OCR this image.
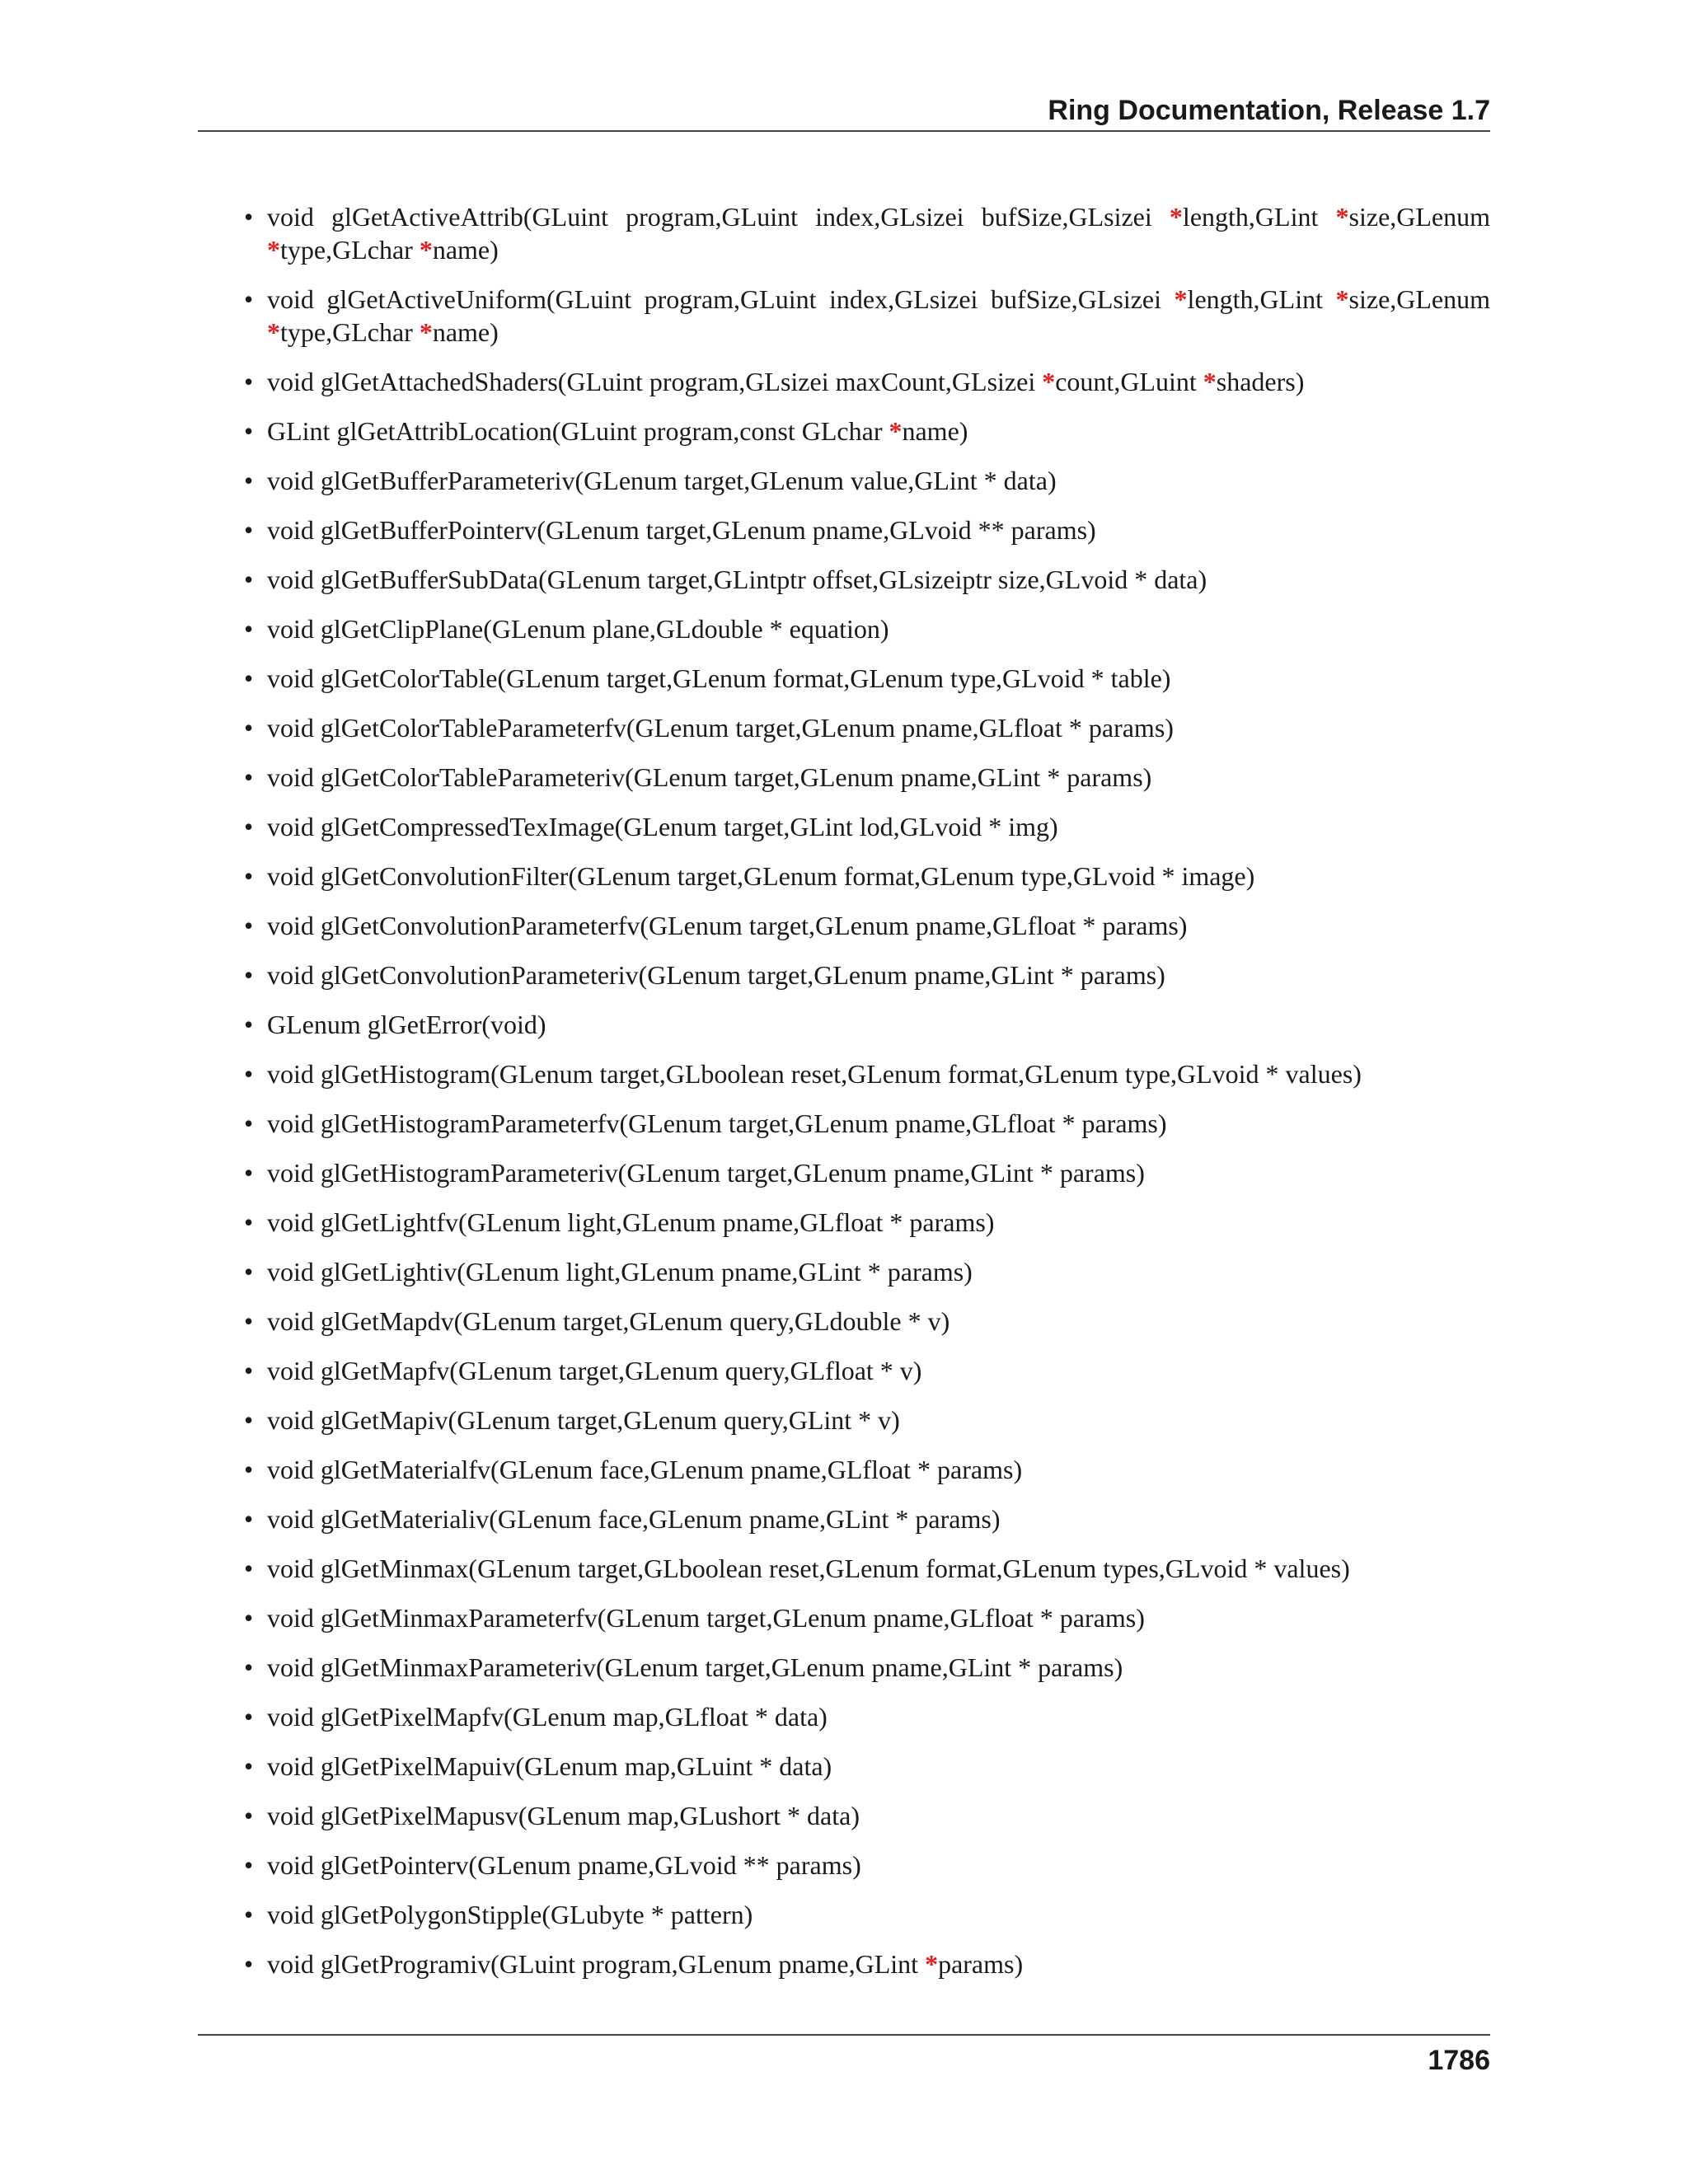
Ring Documentation, Release 1.7
• void glGetActiveAttrib(GLuint program,GLuint index,GLsizei bufSize,GLsizei *length,GLint *size,GLenum *type,GLchar *name)
• void glGetActiveUniform(GLuint program,GLuint index,GLsizei bufSize,GLsizei *length,GLint *size,GLenum *type,GLchar *name)
• void glGetAttachedShaders(GLuint program,GLsizei maxCount,GLsizei *count,GLuint *shaders)
• GLint glGetAttribLocation(GLuint program,const GLchar *name)
• void glGetBufferParameteriv(GLenum target,GLenum value,GLint * data)
• void glGetBufferPointerv(GLenum target,GLenum pname,GLvoid ** params)
• void glGetBufferSubData(GLenum target,GLintptr offset,GLsizeiptr size,GLvoid * data)
• void glGetClipPlane(GLenum plane,GLdouble * equation)
• void glGetColorTable(GLenum target,GLenum format,GLenum type,GLvoid * table)
• void glGetColorTableParameterfv(GLenum target,GLenum pname,GLfloat * params)
• void glGetColorTableParameteriv(GLenum target,GLenum pname,GLint * params)
• void glGetCompressedTexImage(GLenum target,GLint lod,GLvoid * img)
• void glGetConvolutionFilter(GLenum target,GLenum format,GLenum type,GLvoid * image)
• void glGetConvolutionParameterfv(GLenum target,GLenum pname,GLfloat * params)
• void glGetConvolutionParameteriv(GLenum target,GLenum pname,GLint * params)
• GLenum glGetError(void)
• void glGetHistogram(GLenum target,GLboolean reset,GLenum format,GLenum type,GLvoid * values)
• void glGetHistogramParameterfv(GLenum target,GLenum pname,GLfloat * params)
• void glGetHistogramParameteriv(GLenum target,GLenum pname,GLint * params)
• void glGetLightfv(GLenum light,GLenum pname,GLfloat * params)
• void glGetLightiv(GLenum light,GLenum pname,GLint * params)
• void glGetMapdv(GLenum target,GLenum query,GLdouble * v)
• void glGetMapfv(GLenum target,GLenum query,GLfloat * v)
• void glGetMapiv(GLenum target,GLenum query,GLint * v)
• void glGetMaterialfv(GLenum face,GLenum pname,GLfloat * params)
• void glGetMaterialiv(GLenum face,GLenum pname,GLint * params)
• void glGetMinmax(GLenum target,GLboolean reset,GLenum format,GLenum types,GLvoid * values)
• void glGetMinmaxParameterfv(GLenum target,GLenum pname,GLfloat * params)
• void glGetMinmaxParameteriv(GLenum target,GLenum pname,GLint * params)
• void glGetPixelMapfv(GLenum map,GLfloat * data)
• void glGetPixelMapuiv(GLenum map,GLuint * data)
• void glGetPixelMapusv(GLenum map,GLushort * data)
• void glGetPointerv(GLenum pname,GLvoid ** params)
• void glGetPolygonStipple(GLubyte * pattern)
• void glGetProgramiv(GLuint program,GLenum pname,GLint *params)
1786
